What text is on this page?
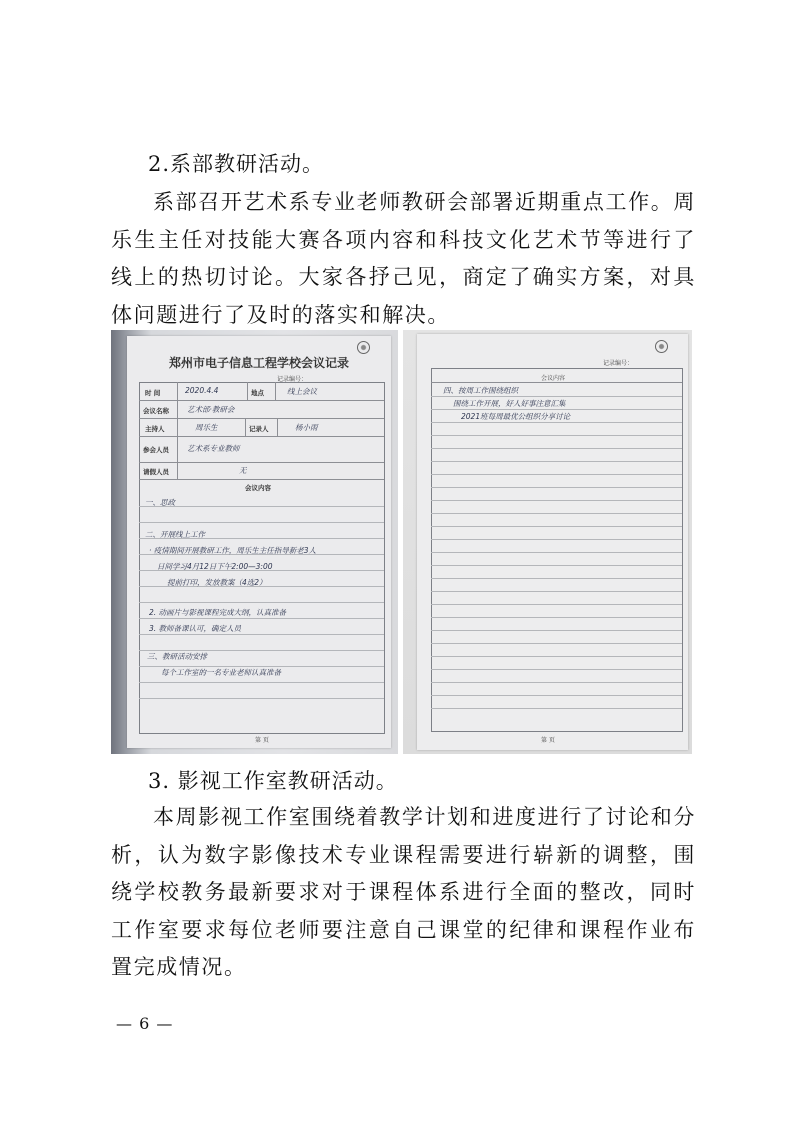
2.系部教研活动。

系部召开艺术系专业老师教研会部署近期重点工作。周乐生主任对技能大赛各项内容和科技文化艺术节等进行了线上的热切讨论。大家各抒己见，商定了确实方案，对具体问题进行了及时的落实和解决。

郑州市电子信息工程学校会议记录
记录编号：
时 间	2020.4.4	地点	线上会议
会议名称 艺术部·教研会
主持人	周乐生	记录人	杨小雨
参会人员 艺术系专业教师
请假人员	无
会议内容
一、思政
二、开展线上工作
· 疫情期间开展教研工作，周乐生主任指导新老3人
日间学习4月12日下午2:00—3:00
提前打印，发放教案（4选2）
2. 动画片与影视课程完成大纲，认真准备
3. 教师备课认可，确定人员
三、教研活动安排
每个工作室的一名专业老师认真准备
第 页
记录编号：
会议内容
四、按周工作围绕组织
围绕工作开展，好人好事注意汇集
2021班每周最优公组织分享讨论
第 页

3. 影视工作室教研活动。

本周影视工作室围绕着教学计划和进度进行了讨论和分析，认为数字影像技术专业课程需要进行崭新的调整，围绕学校教务最新要求对于课程体系进行全面的整改，同时工作室要求每位老师要注意自己课堂的纪律和课程作业布置完成情况。

— 6 —
